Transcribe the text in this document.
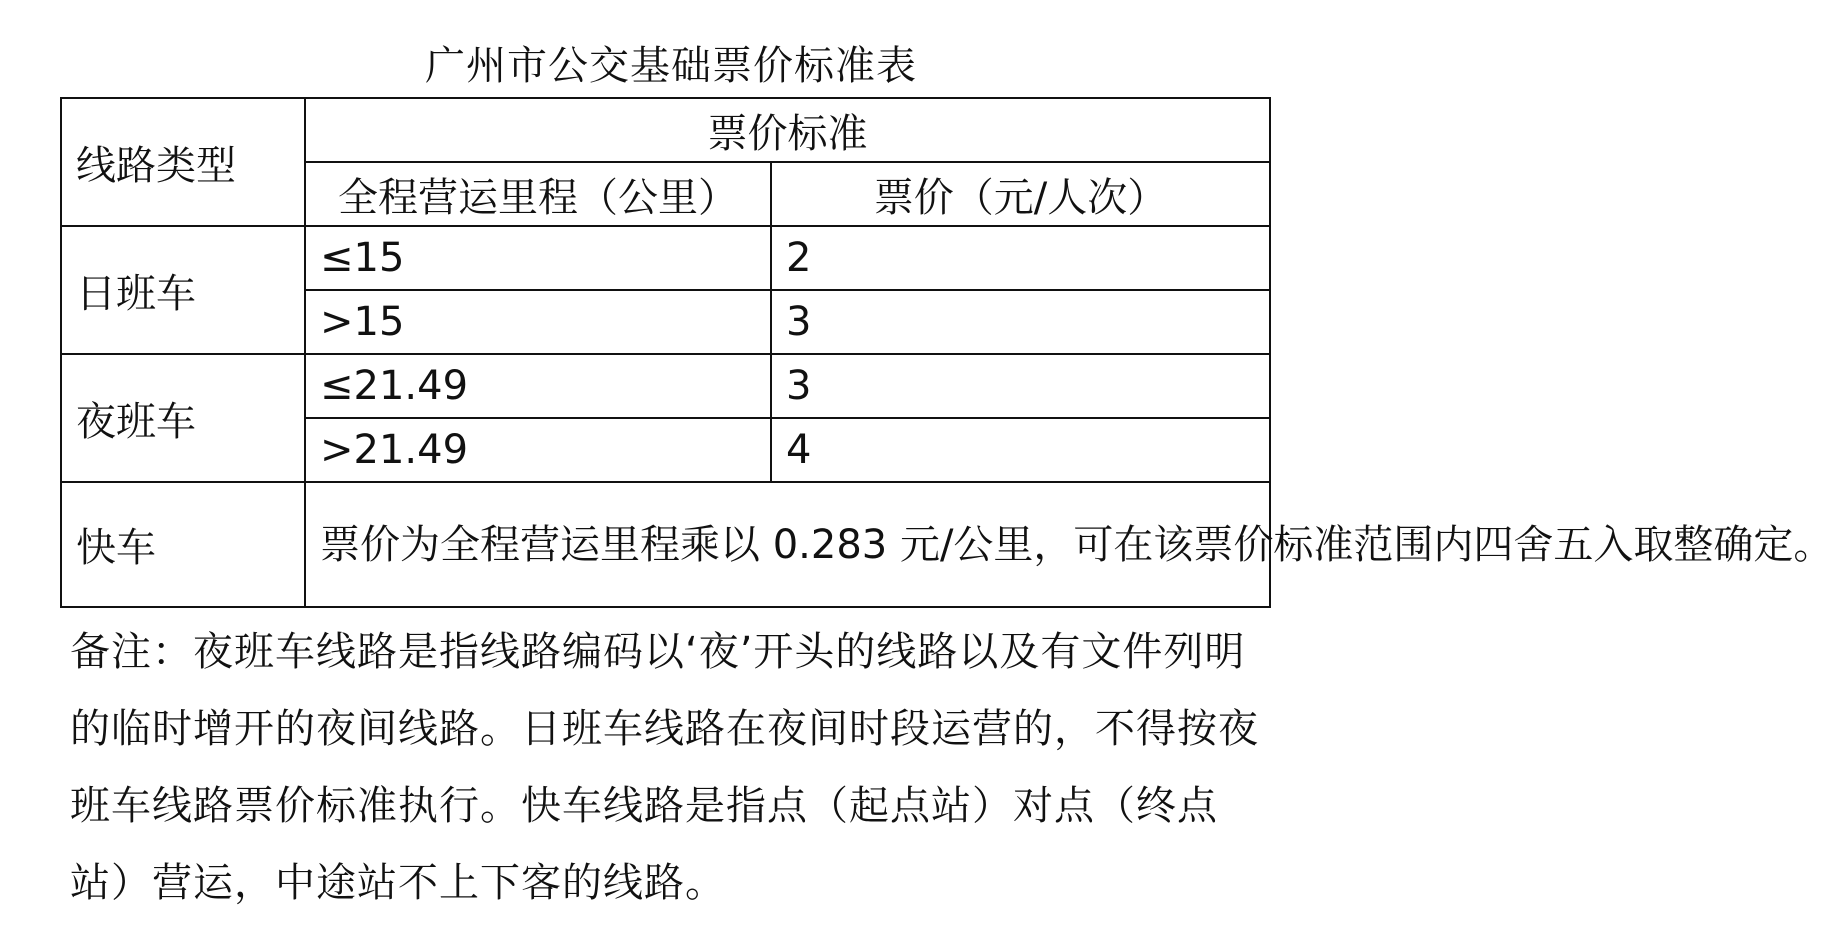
广州市公交基础票价标准表
线路类型	票价标准	
	全程营运里程（公里）	票价（元/人次）
日班车	≤15	2
	>15	3
夜班车	≤21.49	3
	>21.49	4
快车	票价为全程营运里程乘以 0.283 元/公里，可在该票价标准范围内四舍五入取整确定。	
备注：夜班车线路是指线路编码以‘夜’开头的线路以及有文件列明的临时增开的夜间线路。日班车线路在夜间时段运营的，不得按夜班车线路票价标准执行。快车线路是指点（起点站）对点（终点站）营运，中途站不上下客的线路。
